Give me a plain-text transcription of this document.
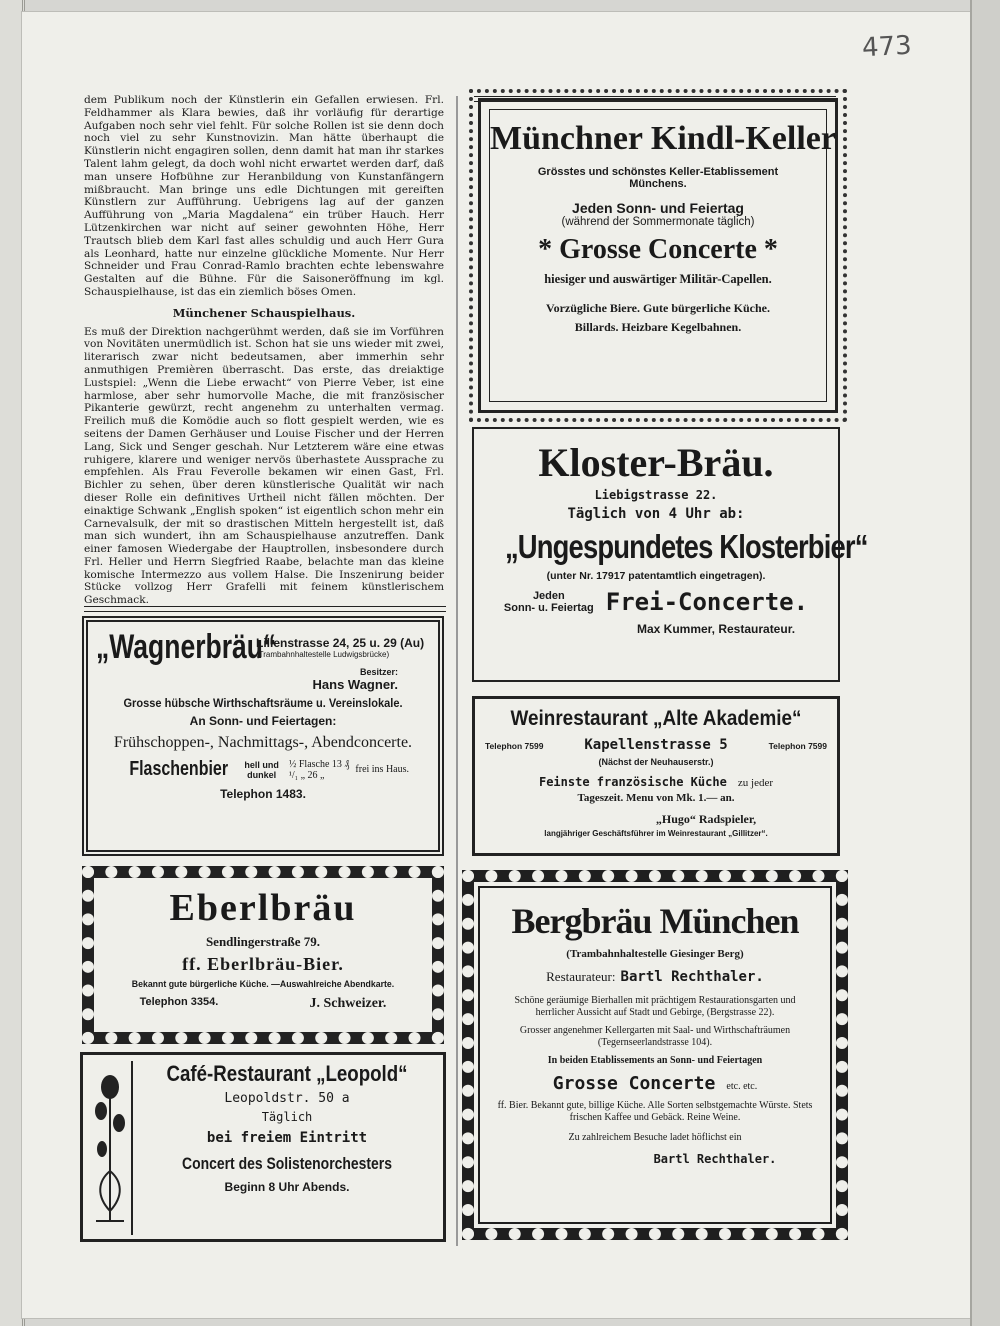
473

dem Publikum noch der Künstlerin ein Gefallen erwiesen. Frl. Feldhammer als Klara bewies, daß ihr vorläufig für derartige Aufgaben noch sehr viel fehlt. Für solche Rollen ist sie denn doch noch viel zu sehr Kunstnovizin. Man hätte überhaupt die Künstlerin nicht engagiren sollen, denn damit hat man ihr starkes Talent lahm gelegt, da doch wohl nicht erwartet werden darf, daß man unsere Hofbühne zur Heranbildung von Kunstanfängern mißbraucht. Man bringe uns edle Dichtungen mit gereiften Künstlern zur Aufführung. Uebrigens lag auf der ganzen Aufführung von „Maria Magdalena“ ein trüber Hauch. Herr Lützenkirchen war nicht auf seiner gewohnten Höhe, Herr Trautsch blieb dem Karl fast alles schuldig und auch Herr Gura als Leonhard, hatte nur einzelne glückliche Momente. Nur Herr Schneider und Frau Conrad-Ramlo brachten echte lebenswahre Gestalten auf die Bühne. Für die Saisoneröffnung im kgl. Schauspielhause, ist das ein ziemlich böses Omen.

Münchener Schauspielhaus.

Es muß der Direktion nachgerühmt werden, daß sie im Vorführen von Novitäten unermüdlich ist. Schon hat sie uns wieder mit zwei, literarisch zwar nicht bedeutsamen, aber immerhin sehr anmuthigen Premièren überrascht. Das erste, das dreiaktige Lustspiel: „Wenn die Liebe erwacht“ von Pierre Veber, ist eine harmlose, aber sehr humorvolle Mache, die mit französischer Pikanterie gewürzt, recht angenehm zu unterhalten vermag. Freilich muß die Komödie auch so flott gespielt werden, wie es seitens der Damen Gerhäuser und Louise Fischer und der Herren Lang, Sick und Senger geschah. Nur Letzterem wäre eine etwas ruhigere, klarere und weniger nervös überhastete Aussprache zu empfehlen. Als Frau Feverolle bekamen wir einen Gast, Frl. Bichler zu sehen, über deren künstlerische Qualität wir nach dieser Rolle ein definitives Urtheil nicht fällen möchten. Der einaktige Schwank „English spoken“ ist eigentlich schon mehr ein Carnevalsulk, der mit so drastischen Mitteln hergestellt ist, daß man sich wundert, ihn am Schauspielhause anzutreffen. Dank einer famosen Wiedergabe der Hauptrollen, insbesondere durch Frl. Heller und Herrn Siegfried Raabe, belachte man das kleine komische Intermezzo aus vollem Halse. Die Inszenirung beider Stücke vollzog Herr Grafelli mit feinem künstlerischem Geschmack.

Münchner Kindl-Keller
Grösstes und schönstes Keller-Etablissement
Münchens.
Jeden Sonn- und Feiertag
(während der Sommermonate täglich)
* Grosse Concerte *
hiesiger und auswärtiger Militär-Capellen.
Vorzügliche Biere. Gute bürgerliche Küche.
Billards. Heizbare Kegelbahnen.
Kloster-Bräu.
Liebigstrasse 22.
Täglich von 4 Uhr ab:
„Ungespundetes Klosterbier“
(unter Nr. 17917 patentamtlich eingetragen).
Jeden
Sonn- u. Feiertag Frei-Concerte.
Max Kummer, Restaurateur.
Weinrestaurant „Alte Akademie“
Telephon 7599	Kapellenstrasse 5	Telephon 7599
(Nächst der Neuhauserstr.)
Feinste französische Küche zu jeder
Tageszeit. Menu von Mk. 1.— an.
„Hugo“ Radspieler,
langjähriger Geschäftsführer im Weinrestaurant „Gillitzer“.
Bergbräu München
(Trambahnhaltestelle Giesinger Berg)
Restaurateur: Bartl Rechthaler.

Schöne geräumige Bierhallen mit prächtigem Restaurationsgarten und herrlicher Aussicht auf Stadt und Gebirge, (Bergstrasse 22).

Grosser angenehmer Kellergarten mit Saal- und Wirthschafträumen (Tegernseerlandstrasse 104).

In beiden Etablissements an Sonn- und Feiertagen

Grosse Concerte etc. etc.

ff. Bier. Bekannt gute, billige Küche. Alle Sorten selbstgemachte Würste. Stets frischen Kaffee und Gebäck. Reine Weine.

Zu zahlreichem Besuche ladet höflichst ein

Bartl Rechthaler.
„Wagnerbräu“
Lilienstrasse 24, 25 u. 29 (Au)
(Trambahnhaltestelle Ludwigsbrücke)
Besitzer:
Hans Wagner.
Grosse hübsche Wirthschaftsräume u. Vereinslokale.
An Sonn- und Feiertagen:
Frühschoppen-, Nachmittags-, Abendconcerte.
Flaschenbier hell und
dunkel
½ Flasche 13 ₰
¹/₁ „ 26 „	frei ins Haus.
Telephon 1483.
Eberlbräu
Sendlingerstraße 79.
ff. Eberlbräu-Bier.
Bekannt gute bürgerliche Küche. —Auswahlreiche Abendkarte.
Telephon 3354.	J. Schweizer.
Café-Restaurant „Leopold“
Leopoldstr. 50 a
Täglich
bei freiem Eintritt
Concert des Solistenorchesters
Beginn 8 Uhr Abends.
